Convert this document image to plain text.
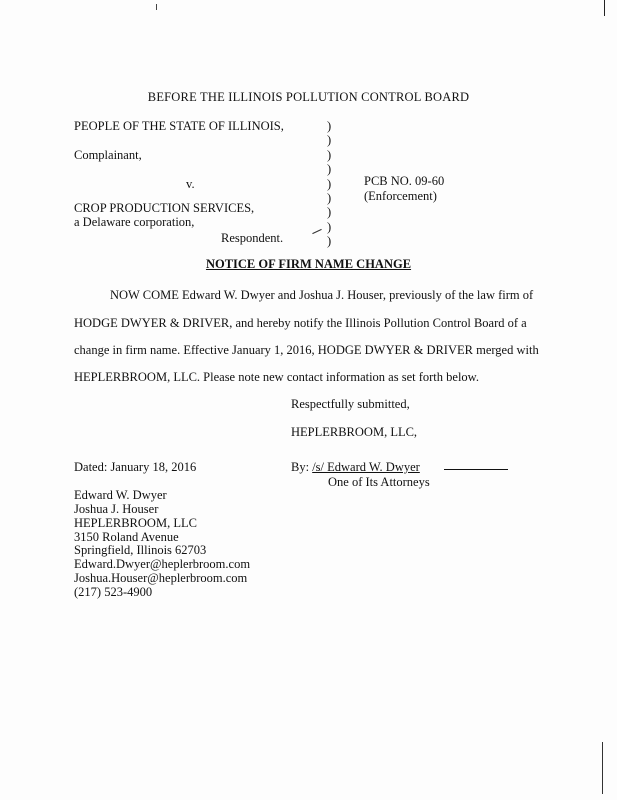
BEFORE THE ILLINOIS POLLUTION CONTROL BOARD
PEOPLE OF THE STATE OF ILLINOIS,
Complainant,
v.
CROP PRODUCTION SERVICES,
a Delaware corporation,
Respondent.
)
)
)
)
)
)
)
)
)
PCB NO. 09-60
(Enforcement)
NOTICE OF FIRM NAME CHANGE
NOW COME Edward W. Dwyer and Joshua J. Houser, previously of the law firm of
HODGE DWYER & DRIVER, and hereby notify the Illinois Pollution Control Board of a
change in firm name. Effective January 1, 2016, HODGE DWYER & DRIVER merged with
HEPLERBROOM, LLC. Please note new contact information as set forth below.
Respectfully submitted,
HEPLERBROOM, LLC,
Dated: January 18, 2016	By: /s/ Edward W. Dwyer
One of Its Attorneys
Edward W. Dwyer
Joshua J. Houser
HEPLERBROOM, LLC
3150 Roland Avenue
Springfield, Illinois 62703
Edward.Dwyer@heplerbroom.com
Joshua.Houser@heplerbroom.com
(217) 523-4900
